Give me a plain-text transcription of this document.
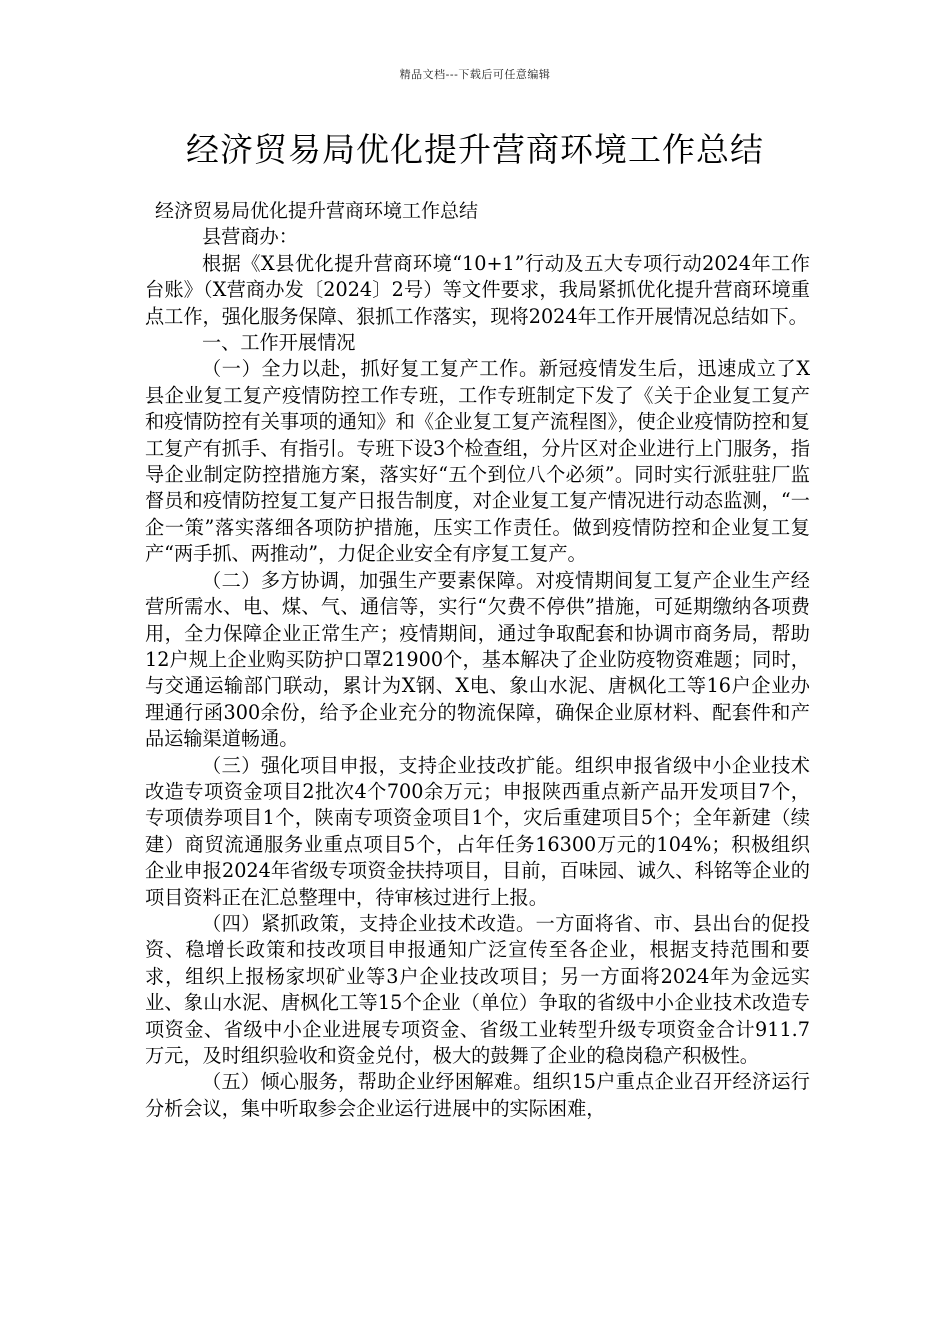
精品文档---下载后可任意编辑
经济贸易局优化提升营商环境工作总结

经济贸易局优化提升营商环境工作总结

县营商办：

根据《X县优化提升营商环境“10+1”行动及五大专项行动2024年工作台账》（X营商办发〔2024〕2号）等文件要求，我局紧抓优化提升营商环境重点工作，强化服务保障、狠抓工作落实，现将2024年工作开展情况总结如下。

一、工作开展情况

（一）全力以赴，抓好复工复产工作。新冠疫情发生后，迅速成立了X县企业复工复产疫情防控工作专班，工作专班制定下发了《关于企业复工复产和疫情防控有关事项的通知》和《企业复工复产流程图》，使企业疫情防控和复工复产有抓手、有指引。专班下设3个检查组，分片区对企业进行上门服务，指导企业制定防控措施方案，落实好“五个到位八个必须”。同时实行派驻驻厂监督员和疫情防控复工复产日报告制度，对企业复工复产情况进行动态监测，“一企一策”落实落细各项防护措施，压实工作责任。做到疫情防控和企业复工复产“两手抓、两推动”，力促企业安全有序复工复产。

（二）多方协调，加强生产要素保障。对疫情期间复工复产企业生产经营所需水、电、煤、气、通信等，实行“欠费不停供”措施，可延期缴纳各项费用，全力保障企业正常生产；疫情期间，通过争取配套和协调市商务局，帮助12户规上企业购买防护口罩21900个，基本解决了企业防疫物资难题；同时，与交通运输部门联动，累计为X钢、X电、象山水泥、唐枫化工等16户企业办理通行函300余份，给予企业充分的物流保障，确保企业原材料、配套件和产品运输渠道畅通。

（三）强化项目申报，支持企业技改扩能。组织申报省级中小企业技术改造专项资金项目2批次4个700余万元；申报陕西重点新产品开发项目7个，专项债券项目1个，陕南专项资金项目1个，灾后重建项目5个；全年新建（续建）商贸流通服务业重点项目5个，占年任务16300万元的104%；积极组织企业申报2024年省级专项资金扶持项目，目前，百味园、诚久、科铭等企业的项目资料正在汇总整理中，待审核过进行上报。

（四）紧抓政策，支持企业技术改造。一方面将省、市、县出台的促投资、稳增长政策和技改项目申报通知广泛宣传至各企业，根据支持范围和要求，组织上报杨家坝矿业等3户企业技改项目；另一方面将2024年为金远实业、象山水泥、唐枫化工等15个企业（单位）争取的省级中小企业技术改造专项资金、省级中小企业进展专项资金、省级工业转型升级专项资金合计911.7万元，及时组织验收和资金兑付，极大的鼓舞了企业的稳岗稳产积极性。

（五）倾心服务，帮助企业纾困解难。组织15户重点企业召开经济运行分析会议，集中听取参会企业运行进展中的实际困难，
